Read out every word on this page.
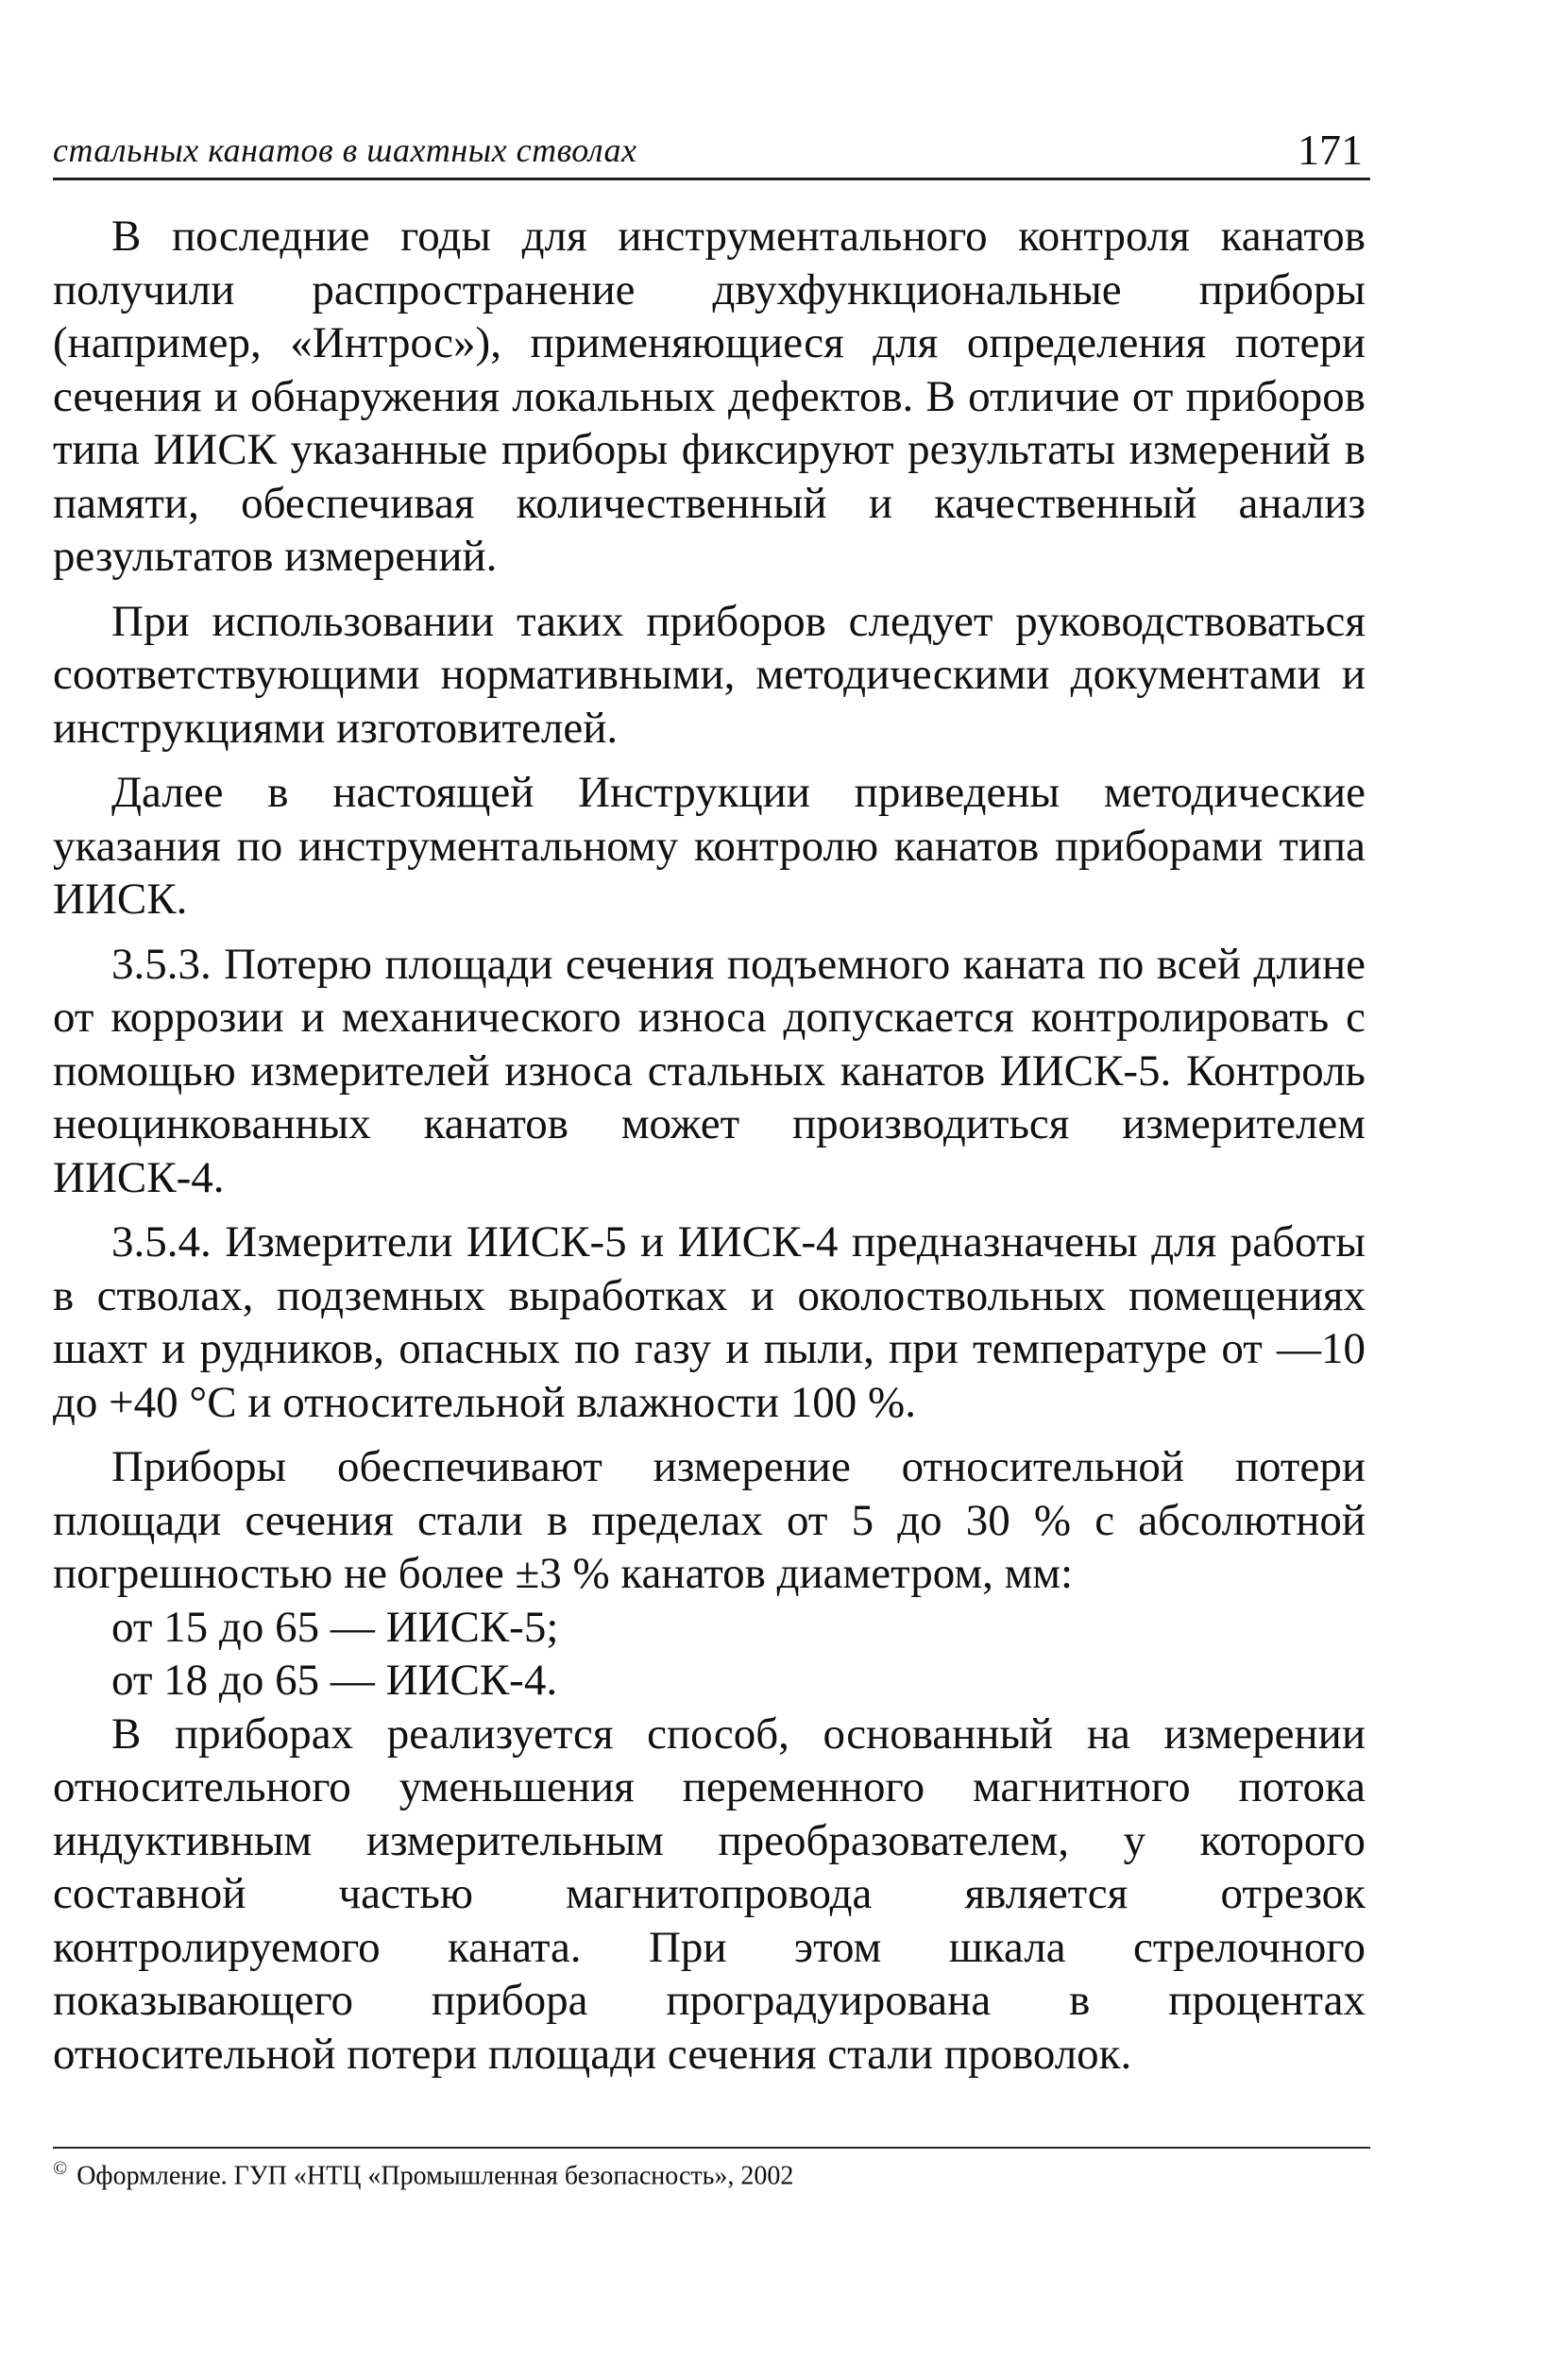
стальных канатов в шахтных стволах	171

В последние годы для инструментального контроля канатов получили распространение двухфункциональные приборы (например, «Интрос»), применяющиеся для определения потери сечения и обнаружения локальных дефектов. В отличие от приборов типа ИИСК указанные приборы фиксируют результаты измерений в памяти, обеспечивая количественный и качественный анализ результатов измерений.

При использовании таких приборов следует руководствоваться соответствующими нормативными, методическими документами и инструкциями изготовителей.

Далее в настоящей Инструкции приведены методические указания по инструментальному контролю канатов приборами типа ИИСК.

3.5.3. Потерю площади сечения подъемного каната по всей длине от коррозии и механического износа допускается контролировать с помощью измерителей износа стальных канатов ИИСК-5. Контроль неоцинкованных канатов может производиться измерителем ИИСК-4.

3.5.4. Измерители ИИСК-5 и ИИСК-4 предназначены для работы в стволах, подземных выработках и околоствольных помещениях шахт и рудников, опасных по газу и пыли, при температуре от —10 до +40 °С и относительной влажности 100 %.

Приборы обеспечивают измерение относительной потери площади сечения стали в пределах от 5 до 30 % с абсолютной погрешностью не более ±3 % канатов диаметром, мм:

от 15 до 65 — ИИСК-5;

от 18 до 65 — ИИСК-4.

В приборах реализуется способ, основанный на измерении относительного уменьшения переменного магнитного потока индуктивным измерительным преобразователем, у которого составной частью магнитопровода является отрезок контролируемого каната. При этом шкала стрелочного показывающего прибора проградуирована в процентах относительной потери площади сечения стали проволок.

© Оформление. ГУП «НТЦ «Промышленная безопасность», 2002
